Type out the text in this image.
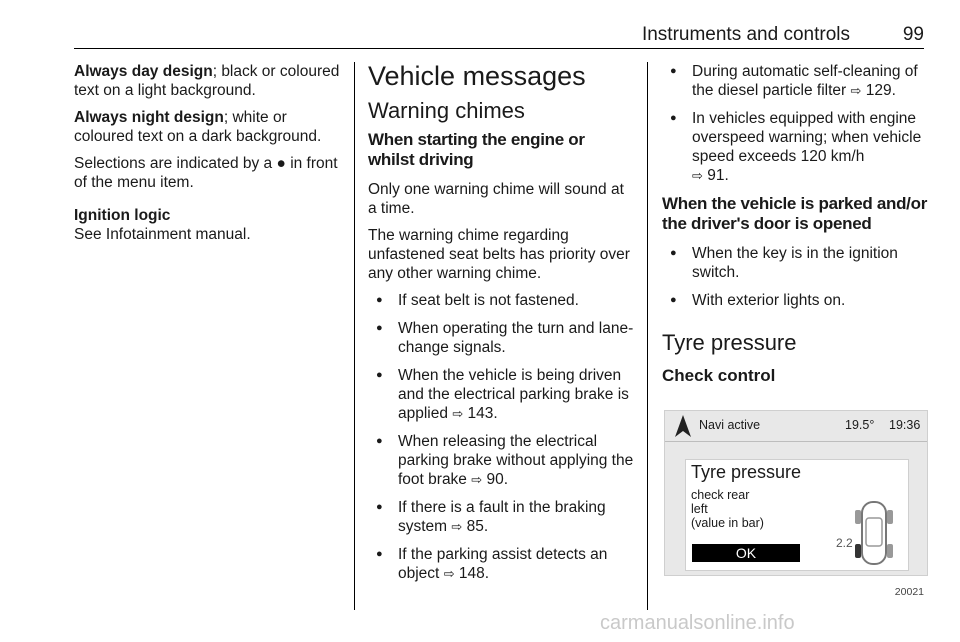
Instruments and controls	99

Always day design; black or coloured text on a light background.

Always night design; white or coloured text on a dark background.

Selections are indicated by a ● in front of the menu item.

Ignition logic

See Infotainment manual.

Vehicle messages
Warning chimes
When starting the engine or whilst driving

Only one warning chime will sound at a time.

The warning chime regarding unfastened seat belts has priority over any other warning chime.

● If seat belt is not fastened.
● When operating the turn and lane-change signals.
● When the vehicle is being driven and the electrical parking brake is applied ⇨ 143.
● When releasing the electrical parking brake without applying the foot brake ⇨ 90.
● If there is a fault in the braking system ⇨ 85.
● If the parking assist detects an object ⇨ 148.
● During automatic self-cleaning of the diesel particle filter ⇨ 129.
● In vehicles equipped with engine overspeed warning; when vehicle speed exceeds 120 km/h
⇨ 91.
When the vehicle is parked and/or the driver's door is opened
● When the key is in the ignition switch.
● With exterior lights on.
Tyre pressure
Check control
Navi active	19.5° 19:36
Tyre pressure
check rear
left
(value in bar)
2.2
OK
20021
carmanualsonline.info
